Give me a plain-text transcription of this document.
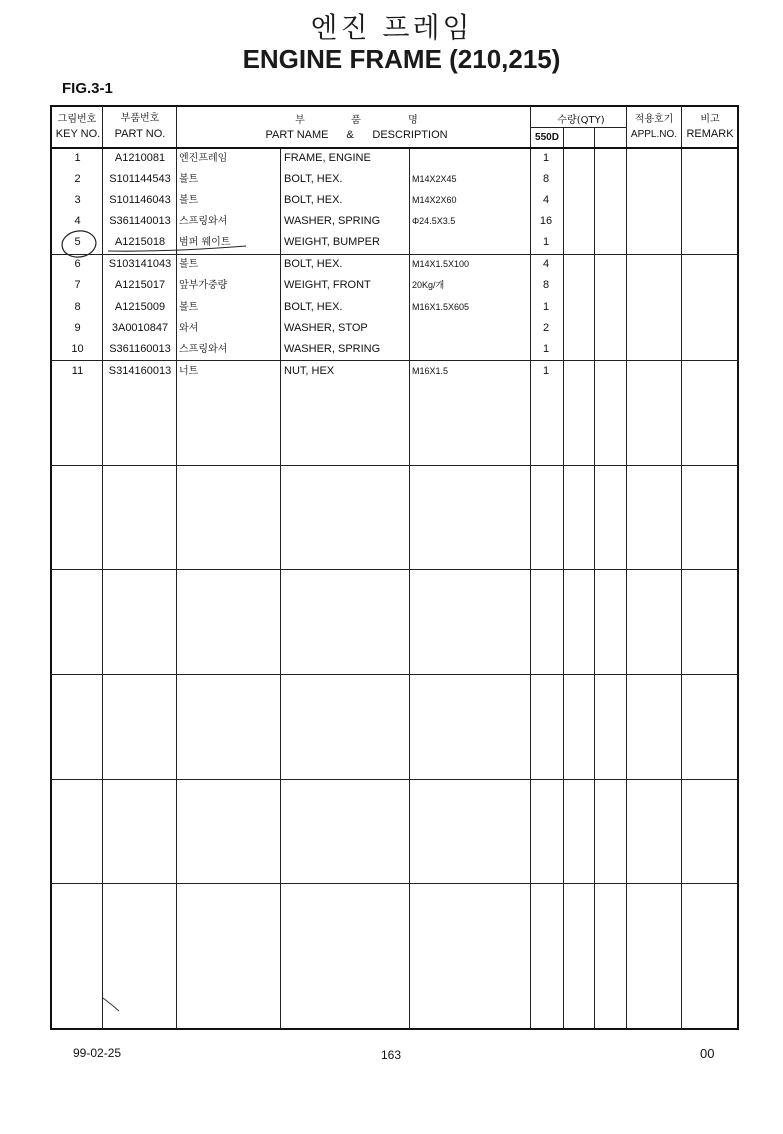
엔진 프레임
ENGINE FRAME (210,215)
FIG.3-1
그림번호
KEY NO.
부품번호
PART NO.
부	품	명
PART NAME	&	DESCRIPTION
수량(QTY)
550D
적용호기
APPL.NO.
비고
REMARK
1	A1210081	엔진프레임	FRAME, ENGINE	1
2	S101144543 볼트	BOLT, HEX.	M14X2X45	8
3	S101146043 볼트	BOLT, HEX.	M14X2X60	4
4	S361140013 스프링와셔	WASHER, SPRING	Φ24.5X3.5	16
5	A1215018	범퍼 웨이트	WEIGHT, BUMPER	1
6	S103141043 볼트	BOLT, HEX.	M14X1.5X100	4
7	A1215017	앞부가중량	WEIGHT, FRONT	20Kg/개	8
8	A1215009	볼트	BOLT, HEX.	M16X1.5X605	1
9	3A0010847	와셔	WASHER, STOP	2
10	S361160013 스프링와셔	WASHER, SPRING	1
11	S314160013 너트	NUT, HEX	M16X1.5	1
99-02-25	163	00
